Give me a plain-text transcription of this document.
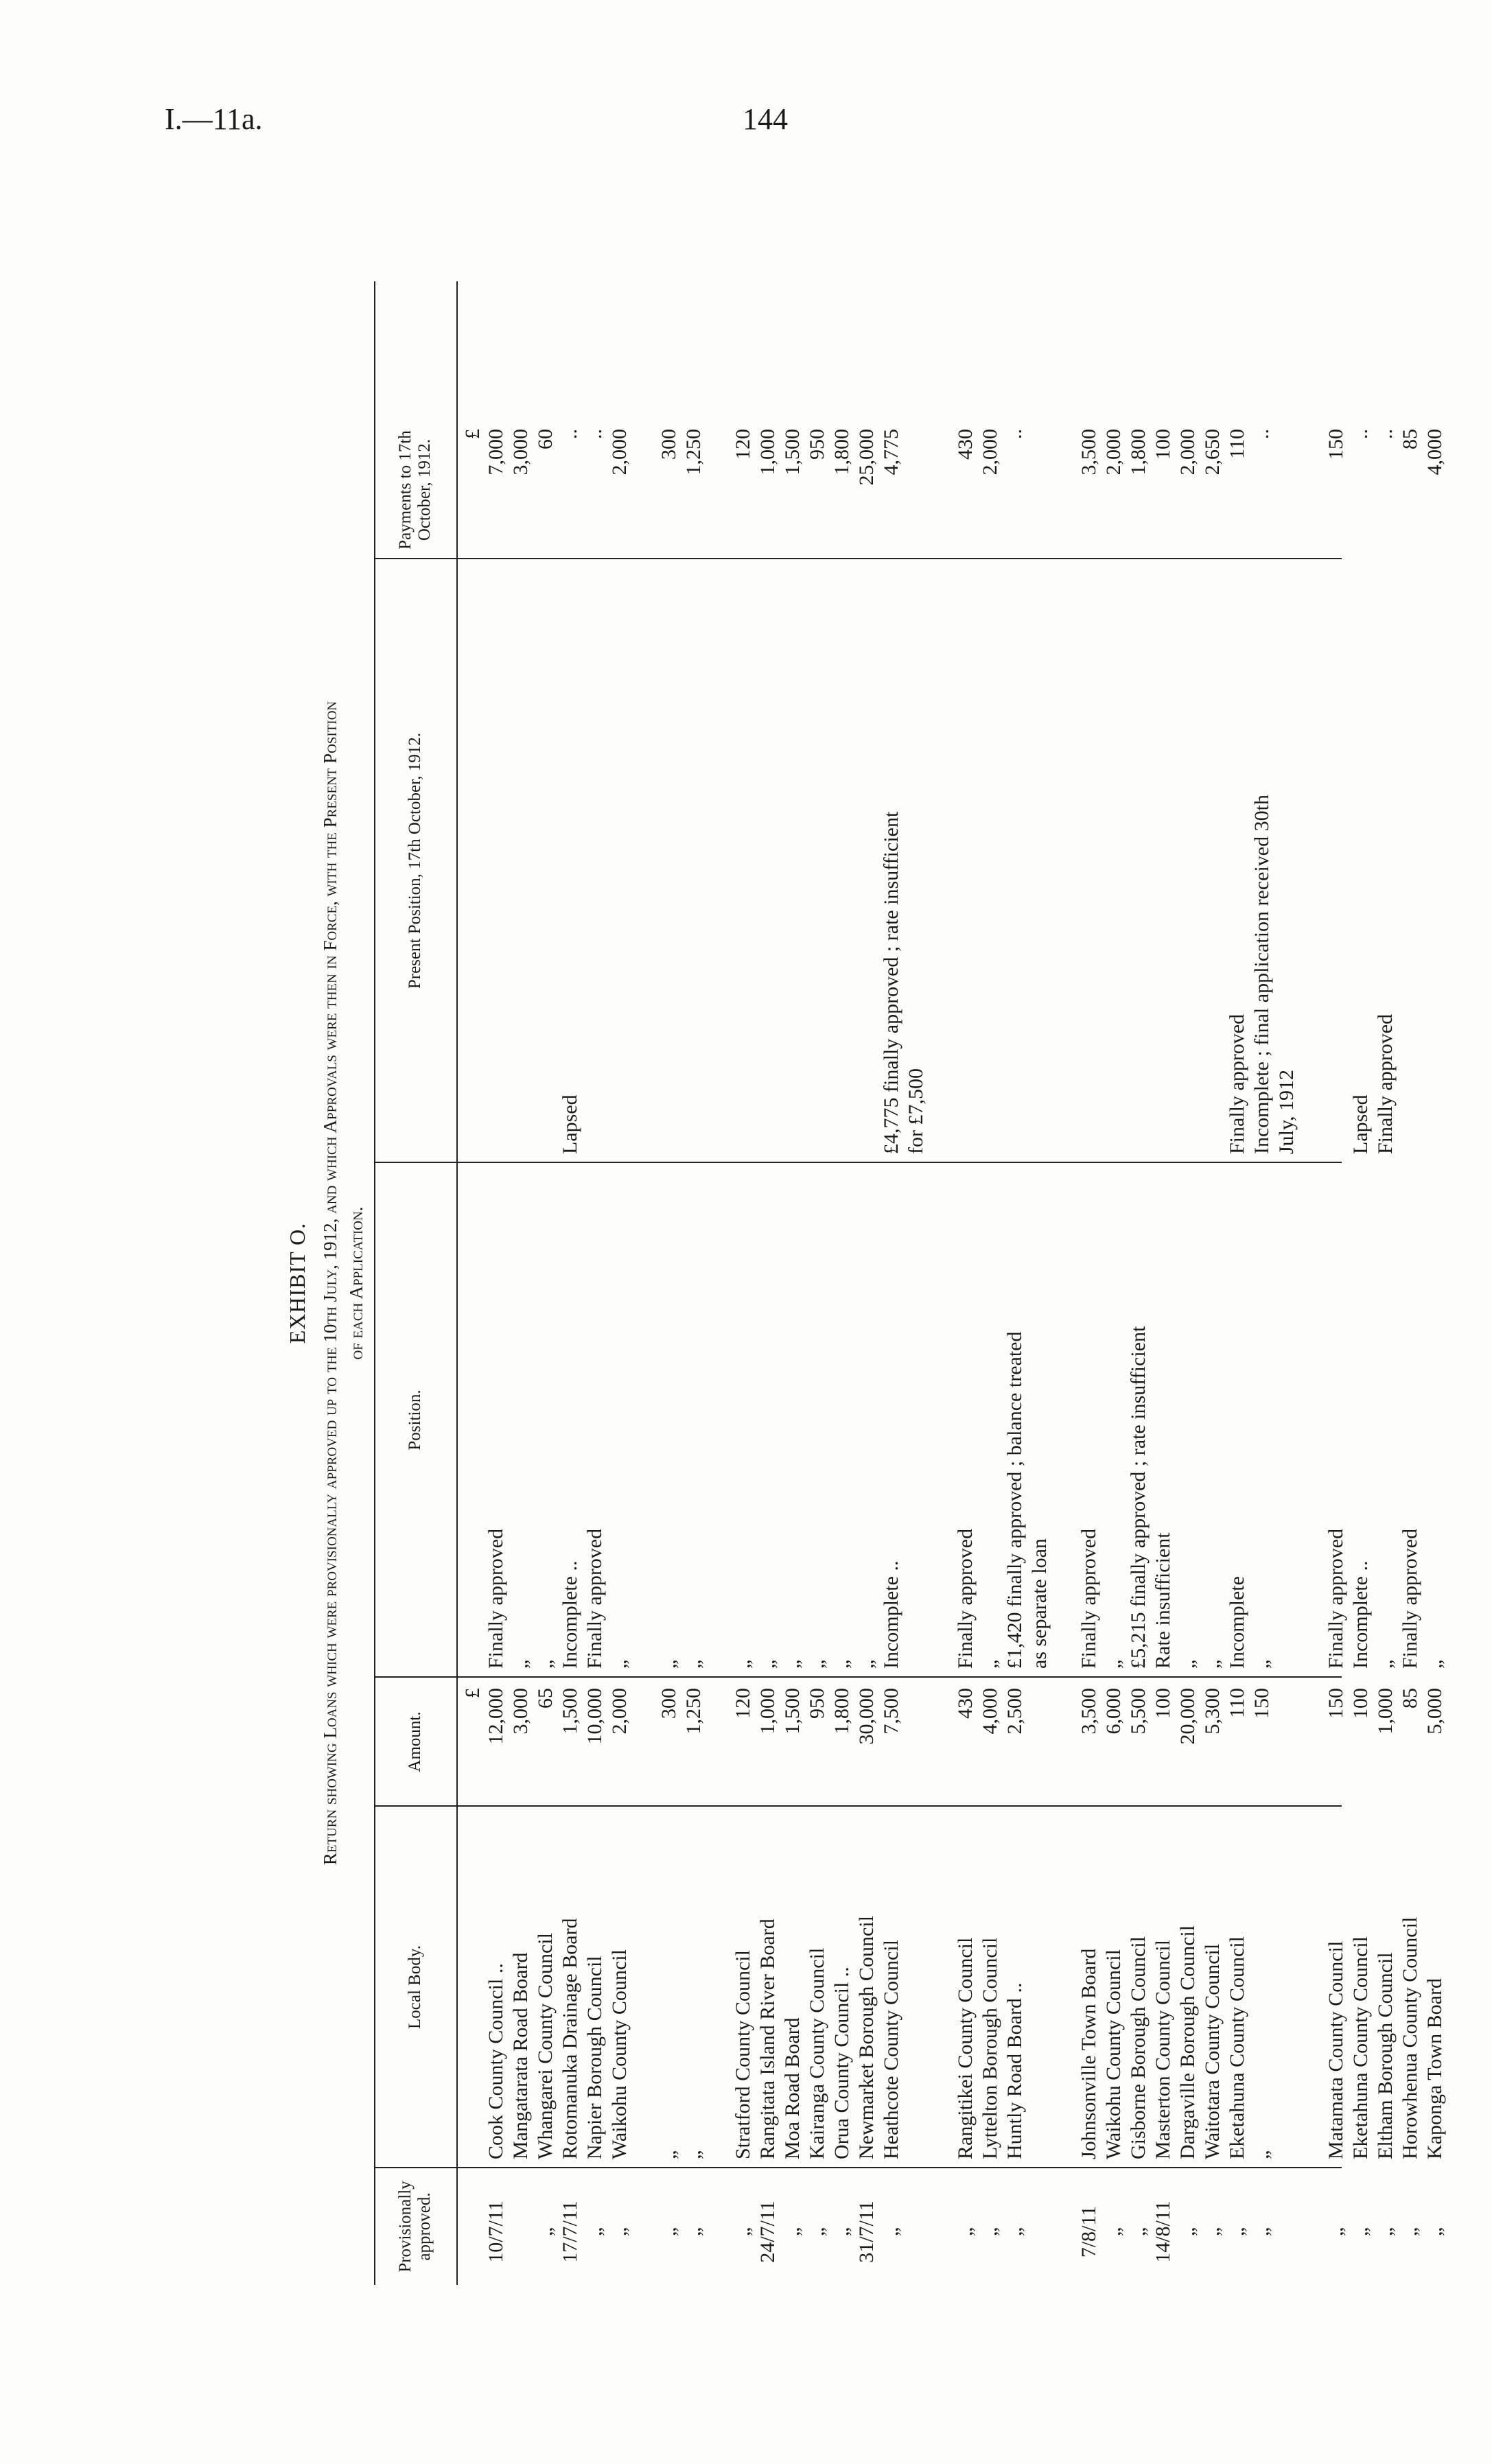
I.—11a.	144
EXHIBIT O. Return showing Loans which were provisionally approved up to the 10th July, 1912, and which Approvals were then in Force, with the Present Position of each Application.
Provisionally approved.
Local Body.
Amount.
Position.
Present Position, 17th October, 1912.
Payments to 17th October, 1912.
£
£
10/7/11
Cook County Council ..
12,000
Finally approved
7,000
Mangatarata Road Board
3,000
„
3,000
„
Whangarei County Council
65
„
60
17/7/11
Rotomanuka Drainage Board
1,500
Incomplete ..
Lapsed
..
„
Napier Borough Council
10,000
Finally approved
..
„
Waikohu County Council
2,000
„
2,000
„
„
300
„
300
„
„
1,250
„
1,250
„
Stratford County Council
120
„
120
24/7/11
Rangitata Island River Board
1,000
„
1,000
„
Moa Road Board
1,500
„
1,500
„
Kairanga County Council
950
„
950
„
Orua County Council ..
1,800
„
1,800
31/7/11
Newmarket Borough Council
30,000
„
25,000
„
Heathcote County Council
7,500
Incomplete ..
£4,775 finally approved ; rate insufficient
4,775
for £7,500
„
Rangitikei County Council
430
Finally approved
430
„
Lyttelton Borough Council
4,000
„
2,000
„
Huntly Road Board ..
2,500
£1,420 finally approved ; balance treated
..
as separate loan
7/8/11
Johnsonville Town Board
3,500
Finally approved
3,500
„
Waikohu County Council
6,000
„
2,000
„
Gisborne Borough Council
5,500
£5,215 finally approved ; rate insufficient
1,800
14/8/11
Masterton County Council
100
Rate insufficient
100
„
Dargaville Borough Council
20,000
„
2,000
„
Waitotara County Council
5,300
„
2,650
„
Eketahuna County Council
110
Incomplete
Finally approved
110
„
„
150
„
Incomplete ; final application received 30th
..
July, 1912
„
Matamata County Council
150
Finally approved
150
„
Eketahuna County Council
100
Incomplete ..
Lapsed
..
„
Eltham Borough Council
1,000
„
Finally approved
..
„
Horowhenua County Council
85
Finally approved
85
„
Kaponga Town Board
5,000
„
4,000
